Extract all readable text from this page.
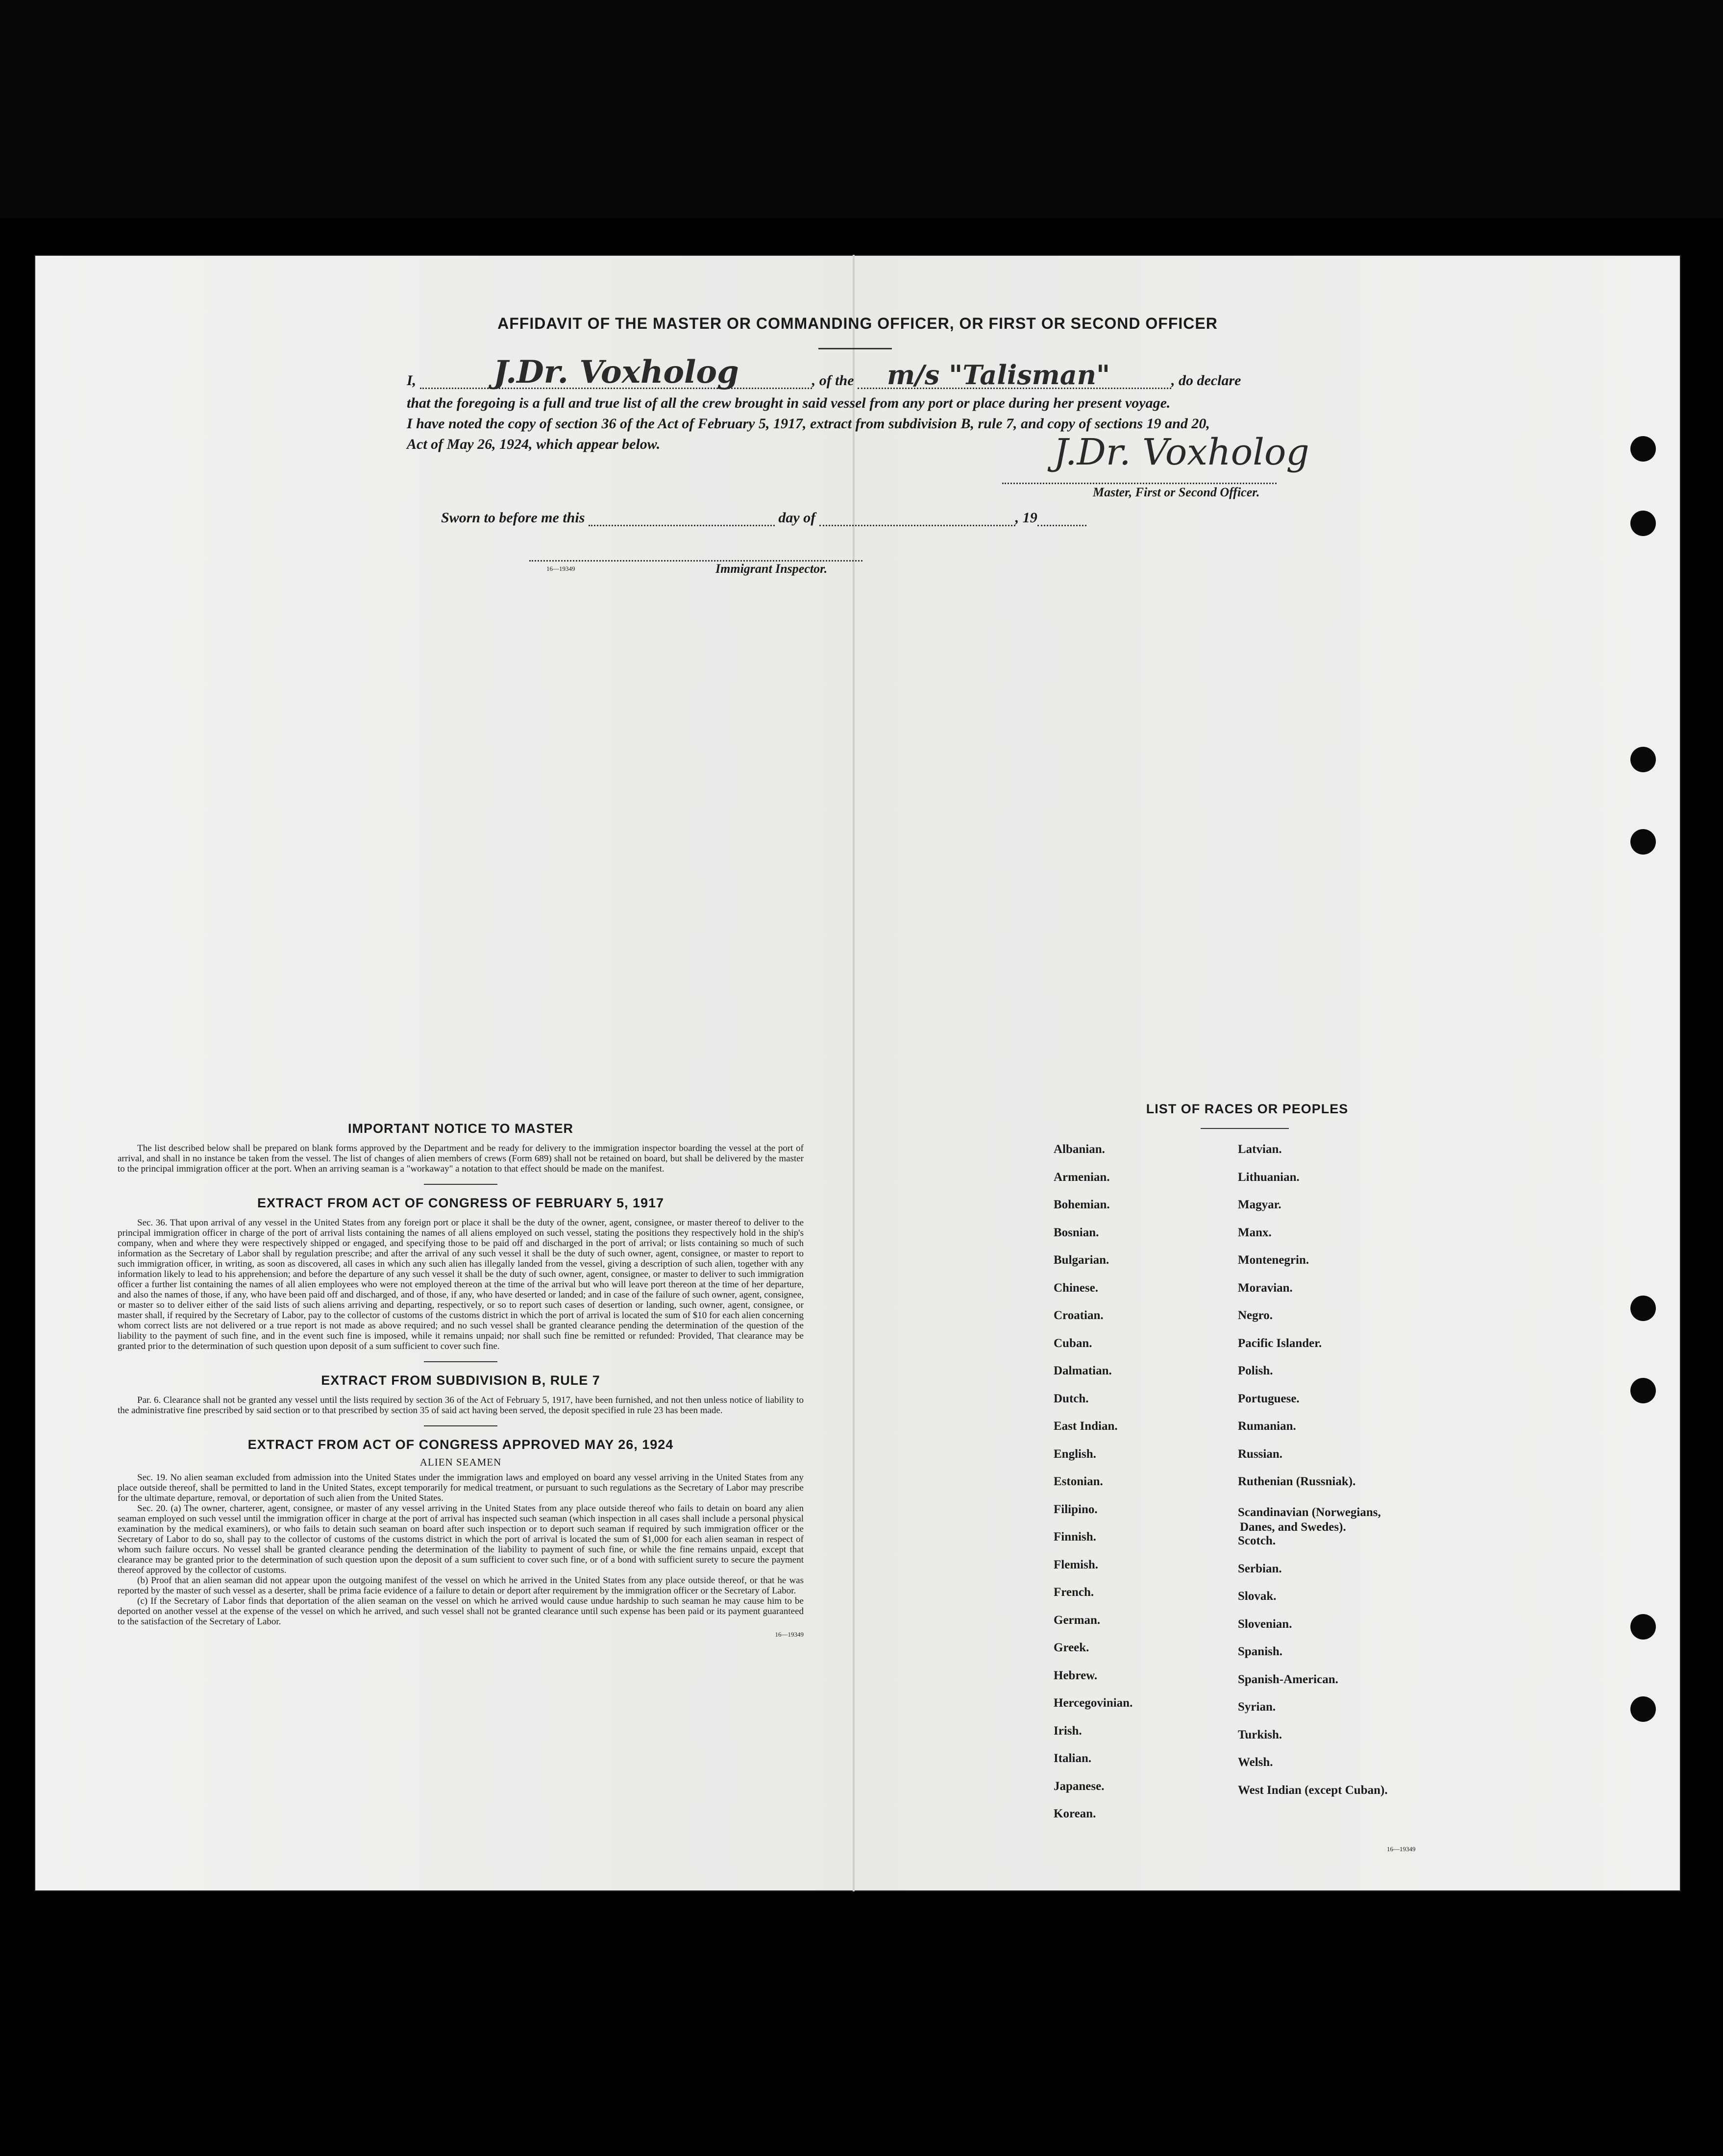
AFFIDAVIT OF THE MASTER OR COMMANDING OFFICER, OR FIRST OR SECOND OFFICER
I, J.Dr. Voxholog	, of the m/s "Talisman"	, do declare
that the foregoing is a full and true list of all the crew brought in said vessel from any port or place during her present voyage.
I have noted the copy of section 36 of the Act of February 5, 1917, extract from subdivision B, rule 7, and copy of sections 19 and 20,
Act of May 26, 1924, which appear below.	J.Dr. Voxholog
Master, First or Second Officer.
Sworn to before me this	day of	, 19
16—19349	Immigrant Inspector.
IMPORTANT NOTICE TO MASTER
The list described below shall be prepared on blank forms approved by the Department and be ready for delivery to the immigration inspector boarding the vessel at the port of arrival, and shall in no instance be taken from the vessel. The list of changes of alien members of crews (Form 689) shall not be retained on board, but shall be delivered by the master to the principal immigration officer at the port. When an arriving seaman is a "workaway" a notation to that effect should be made on the manifest.
EXTRACT FROM ACT OF CONGRESS OF FEBRUARY 5, 1917
Sec. 36. That upon arrival of any vessel in the United States from any foreign port or place it shall be the duty of the owner, agent, consignee, or master thereof to deliver to the principal immigration officer in charge of the port of arrival lists containing the names of all aliens employed on such vessel, stating the positions they respectively hold in the ship's company, when and where they were respectively shipped or engaged, and specifying those to be paid off and discharged in the port of arrival; or lists containing so much of such information as the Secretary of Labor shall by regulation prescribe; and after the arrival of any such vessel it shall be the duty of such owner, agent, consignee, or master to report to such immigration officer, in writing, as soon as discovered, all cases in which any such alien has illegally landed from the vessel, giving a description of such alien, together with any information likely to lead to his apprehension; and before the departure of any such vessel it shall be the duty of such owner, agent, consignee, or master to deliver to such immigration officer a further list containing the names of all alien employees who were not employed thereon at the time of the arrival but who will leave port thereon at the time of her departure, and also the names of those, if any, who have been paid off and discharged, and of those, if any, who have deserted or landed; and in case of the failure of such owner, agent, consignee, or master so to deliver either of the said lists of such aliens arriving and departing, respectively, or so to report such cases of desertion or landing, such owner, agent, consignee, or master shall, if required by the Secretary of Labor, pay to the collector of customs of the customs district in which the port of arrival is located the sum of $10 for each alien concerning whom correct lists are not delivered or a true report is not made as above required; and no such vessel shall be granted clearance pending the determination of the question of the liability to the payment of such fine, and in the event such fine is imposed, while it remains unpaid; nor shall such fine be remitted or refunded: Provided, That clearance may be granted prior to the determination of such question upon deposit of a sum sufficient to cover such fine.
EXTRACT FROM SUBDIVISION B, RULE 7
Par. 6. Clearance shall not be granted any vessel until the lists required by section 36 of the Act of February 5, 1917, have been furnished, and not then unless notice of liability to the administrative fine prescribed by said section or to that prescribed by section 35 of said act having been served, the deposit specified in rule 23 has been made.
EXTRACT FROM ACT OF CONGRESS APPROVED MAY 26, 1924
ALIEN SEAMEN
Sec. 19. No alien seaman excluded from admission into the United States under the immigration laws and employed on board any vessel arriving in the United States from any place outside thereof, shall be permitted to land in the United States, except temporarily for medical treatment, or pursuant to such regulations as the Secretary of Labor may prescribe for the ultimate departure, removal, or deportation of such alien from the United States.
Sec. 20. (a) The owner, charterer, agent, consignee, or master of any vessel arriving in the United States from any place outside thereof who fails to detain on board any alien seaman employed on such vessel until the immigration officer in charge at the port of arrival has inspected such seaman (which inspection in all cases shall include a personal physical examination by the medical examiners), or who fails to detain such seaman on board after such inspection or to deport such seaman if required by such immigration officer or the Secretary of Labor to do so, shall pay to the collector of customs of the customs district in which the port of arrival is located the sum of $1,000 for each alien seaman in respect of whom such failure occurs. No vessel shall be granted clearance pending the determination of the liability to payment of such fine, or while the fine remains unpaid, except that clearance may be granted prior to the determination of such question upon the deposit of a sum sufficient to cover such fine, or of a bond with sufficient surety to secure the payment thereof approved by the collector of customs.
(b) Proof that an alien seaman did not appear upon the outgoing manifest of the vessel on which he arrived in the United States from any place outside thereof, or that he was reported by the master of such vessel as a deserter, shall be prima facie evidence of a failure to detain or deport after requirement by the immigration officer or the Secretary of Labor.
(c) If the Secretary of Labor finds that deportation of the alien seaman on the vessel on which he arrived would cause undue hardship to such seaman he may cause him to be deported on another vessel at the expense of the vessel on which he arrived, and such vessel shall not be granted clearance until such expense has been paid or its payment guaranteed to the satisfaction of the Secretary of Labor.
16—19349
LIST OF RACES OR PEOPLES
16—19349
Albanian.
Armenian.
Bohemian.
Bosnian.
Bulgarian.
Chinese.
Croatian.
Cuban.
Dalmatian.
Dutch.
East Indian.
English.
Estonian.
Filipino.
Finnish.
Flemish.
French.
German.
Greek.
Hebrew.
Hercegovinian.
Irish.
Italian.
Japanese.
Korean.
Latvian.
Lithuanian.
Magyar.
Manx.
Montenegrin.
Moravian.
Negro.
Pacific Islander.
Polish.
Portuguese.
Rumanian.
Russian.
Ruthenian (Russniak).
Scandinavian (Norwegians,
Danes, and Swedes).
Scotch.
Serbian.
Slovak.
Slovenian.
Spanish.
Spanish-American.
Syrian.
Turkish.
Welsh.
West Indian (except Cuban).
